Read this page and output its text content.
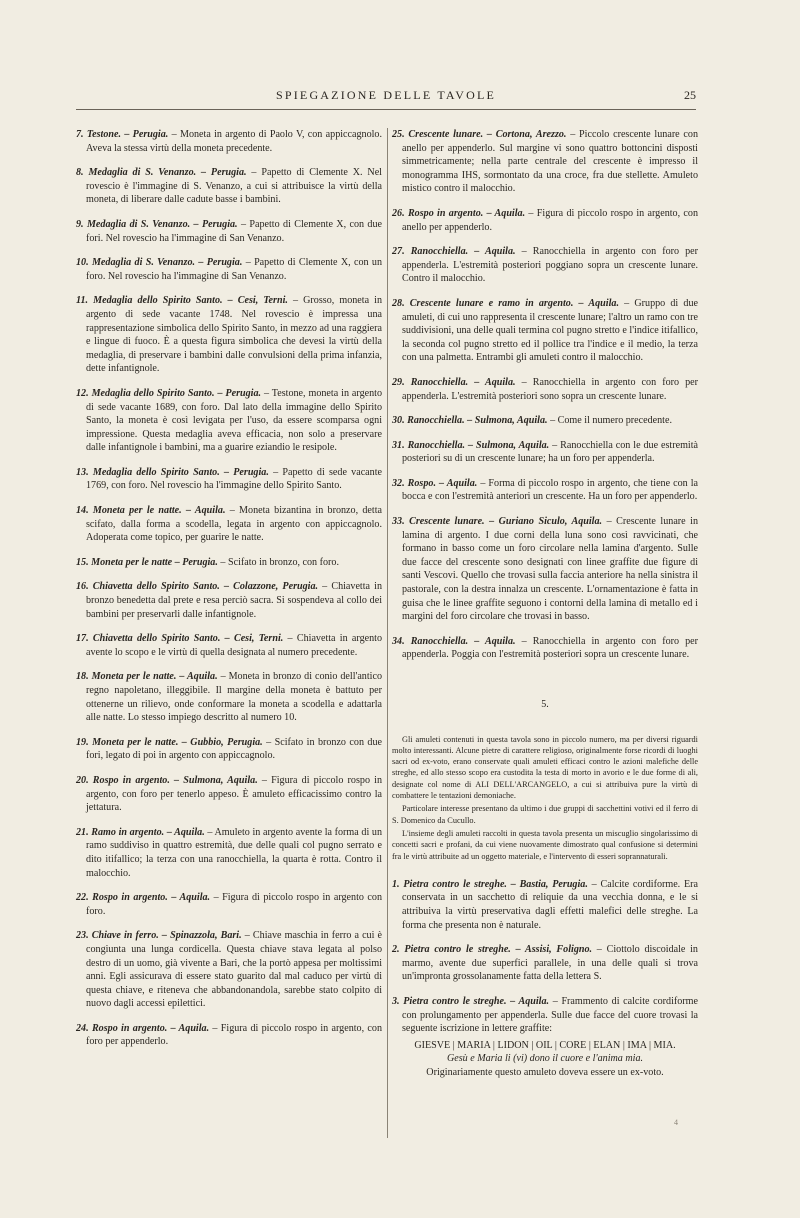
SPIEGAZIONE DELLE TAVOLE	25

7. Testone. – Perugia. – Moneta in argento di Paolo V, con appiccagnolo. Aveva la stessa virtù della moneta precedente.

8. Medaglia di S. Venanzo. – Perugia. – Papetto di Clemente X. Nel rovescio è l'immagine di S. Venanzo, a cui si attribuisce la virtù della moneta, di liberare dalle cadute basse i bambini.

9. Medaglia di S. Venanzo. – Perugia. – Papetto di Clemente X, con due fori. Nel rovescio ha l'immagine di San Venanzo.

10. Medaglia di S. Venanzo. – Perugia. – Papetto di Clemente X, con un foro. Nel rovescio ha l'immagine di San Venanzo.

11. Medaglia dello Spirito Santo. – Cesi, Terni. – Grosso, moneta in argento di sede vacante 1748. Nel rovescio è impressa una rappresentazione simbolica dello Spirito Santo, in mezzo ad una raggiera e lingue di fuoco. È a questa figura simbolica che devesi la virtù della medaglia, di preservare i bambini dalle convulsioni della prima infanzia, dette infantignole.

12. Medaglia dello Spirito Santo. – Perugia. – Testone, moneta in argento di sede vacante 1689, con foro. Dal lato della immagine dello Spirito Santo, la moneta è così levigata per l'uso, da essere scomparsa ogni impressione. Questa medaglia aveva efficacia, non solo a preservare dalle infantignole i bambini, ma a guarire eziandio le resipole.

13. Medaglia dello Spirito Santo. – Perugia. – Papetto di sede vacante 1769, con foro. Nel rovescio ha l'immagine dello Spirito Santo.

14. Moneta per le natte. – Aquila. – Moneta bizantina in bronzo, detta scifato, dalla forma a scodella, legata in argento con appiccagnolo. Adoperata come topico, per guarire le natte.

15. Moneta per le natte – Perugia. – Scifato in bronzo, con foro.

16. Chiavetta dello Spirito Santo. – Colazzone, Perugia. – Chiavetta in bronzo benedetta dal prete e resa perciò sacra. Si sospendeva al collo dei bambini per preservarli dalle infantignole.

17. Chiavetta dello Spirito Santo. – Cesi, Terni. – Chiavetta in argento avente lo scopo e le virtù di quella designata al numero precedente.

18. Moneta per le natte. – Aquila. – Moneta in bronzo di conio dell'antico regno napoletano, illeggibile. Il margine della moneta è battuto per ottenerne un rilievo, onde conformare la moneta a scodella e adattarla alle natte. Lo stesso impiego descritto al numero 10.

19. Moneta per le natte. – Gubbio, Perugia. – Scifato in bronzo con due fori, legato di poi in argento con appiccagnolo.

20. Rospo in argento. – Sulmona, Aquila. – Figura di piccolo rospo in argento, con foro per tenerlo appeso. È amuleto efficacissimo contro la jettatura.

21. Ramo in argento. – Aquila. – Amuleto in argento avente la forma di un ramo suddiviso in quattro estremità, due delle quali col pugno serrato e dito itifallico; la terza con una ranocchiella, la quarta è rotta. Contro il malocchio.

22. Rospo in argento. – Aquila. – Figura di piccolo rospo in argento con foro.

23. Chiave in ferro. – Spinazzola, Bari. – Chiave maschia in ferro a cui è congiunta una lunga cordicella. Questa chiave stava legata al polso destro di un uomo, già vivente a Bari, che la portò appesa per moltissimi anni. Egli assicurava di essere stato guarito dal mal caduco per virtù di questa chiave, e riteneva che abbandonandola, sarebbe stato colpito di nuovo dagli accessi epilettici.

24. Rospo in argento. – Aquila. – Figura di piccolo rospo in argento, con foro per appenderlo.

25. Crescente lunare. – Cortona, Arezzo. – Piccolo crescente lunare con anello per appenderlo. Sul margine vi sono quattro bottoncini disposti simmetricamente; nella parte centrale del crescente è impresso il monogramma IHS, sormontato da una croce, fra due stellette. Amuleto mistico contro il malocchio.

26. Rospo in argento. – Aquila. – Figura di piccolo rospo in argento, con anello per appenderlo.

27. Ranocchiella. – Aquila. – Ranocchiella in argento con foro per appenderla. L'estremità posteriori poggiano sopra un crescente lunare. Contro il malocchio.

28. Crescente lunare e ramo in argento. – Aquila. – Gruppo di due amuleti, di cui uno rappresenta il crescente lunare; l'altro un ramo con tre suddivisioni, una delle quali termina col pugno stretto e l'indice itifallico, la seconda col pugno stretto ed il pollice tra l'indice e il medio, la terza con una palmetta. Entrambi gli amuleti contro il malocchio.

29. Ranocchiella. – Aquila. – Ranocchiella in argento con foro per appenderla. L'estremità posteriori sono sopra un crescente lunare.

30. Ranocchiella. – Sulmona, Aquila. – Come il numero precedente.

31. Ranocchiella. – Sulmona, Aquila. – Ranocchiella con le due estremità posteriori su di un crescente lunare; ha un foro per appenderla.

32. Rospo. – Aquila. – Forma di piccolo rospo in argento, che tiene con la bocca e con l'estremità anteriori un crescente. Ha un foro per appenderlo.

33. Crescente lunare. – Guriano Siculo, Aquila. – Crescente lunare in lamina di argento. I due corni della luna sono così ravvicinati, che formano in basso come un foro circolare nella lamina d'argento. Sulle due facce del crescente sono designati con linee graffite due figure di santi Vescovi. Quello che trovasi sulla faccia anteriore ha nella sinistra il pastorale, con la destra innalza un crescente. L'ornamentazione è fatta in guisa che le linee graffite seguono i contorni della lamina di metallo ed i margini del foro circolare che trovasi in basso.

34. Ranocchiella. – Aquila. – Ranocchiella in argento con foro per appenderla. Poggia con l'estremità posteriori sopra un crescente lunare.

5.

Gli amuleti contenuti in questa tavola sono in piccolo numero, ma per diversi riguardi molto interessanti. Alcune pietre di carattere religioso, originalmente forse ricordi di luoghi sacri od ex-voto, erano conservate quali amuleti efficaci contro le azioni malefiche delle streghe, ed allo stesso scopo era custodita la testa di morto in avorio e le due forme di ali, designate col nome di ALI DELL'ARCANGELO, a cui si attribuiva pure la virtù di combattere le tentazioni demoniache.

Particolare interesse presentano da ultimo i due gruppi di sacchettini votivi ed il ferro di S. Domenico da Cucullo.

L'insieme degli amuleti raccolti in questa tavola presenta un miscuglio singolarissimo di concetti sacri e profani, da cui viene nuovamente dimostrato qual confusione si determini fra le virtù attribuite ad un oggetto materiale, e l'intervento di esseri soprannaturali.

1. Pietra contro le streghe. – Bastia, Perugia. – Calcite cordiforme. Era conservata in un sacchetto di reliquie da una vecchia donna, e le si attribuiva la virtù preservativa dagli effetti malefici delle streghe. La forma che presenta non è naturale.

2. Pietra contro le streghe. – Assisi, Foligno. – Ciottolo discoidale in marmo, avente due superfici parallele, in una delle quali si trova un'impronta grossolanamente fatta della lettera S.

3. Pietra contro le streghe. – Aquila. – Frammento di calcite cordiforme con prolungamento per appenderla. Sulle due facce del cuore trovasi la seguente iscrizione in lettere graffite:

GIESVE | MARIA | LIDON | OIL | CORE | ELAN | IMA | MIA.

Gesù e Maria li (vi) dono il cuore e l'anima mia.

Originariamente questo amuleto doveva essere un ex-voto.

4
